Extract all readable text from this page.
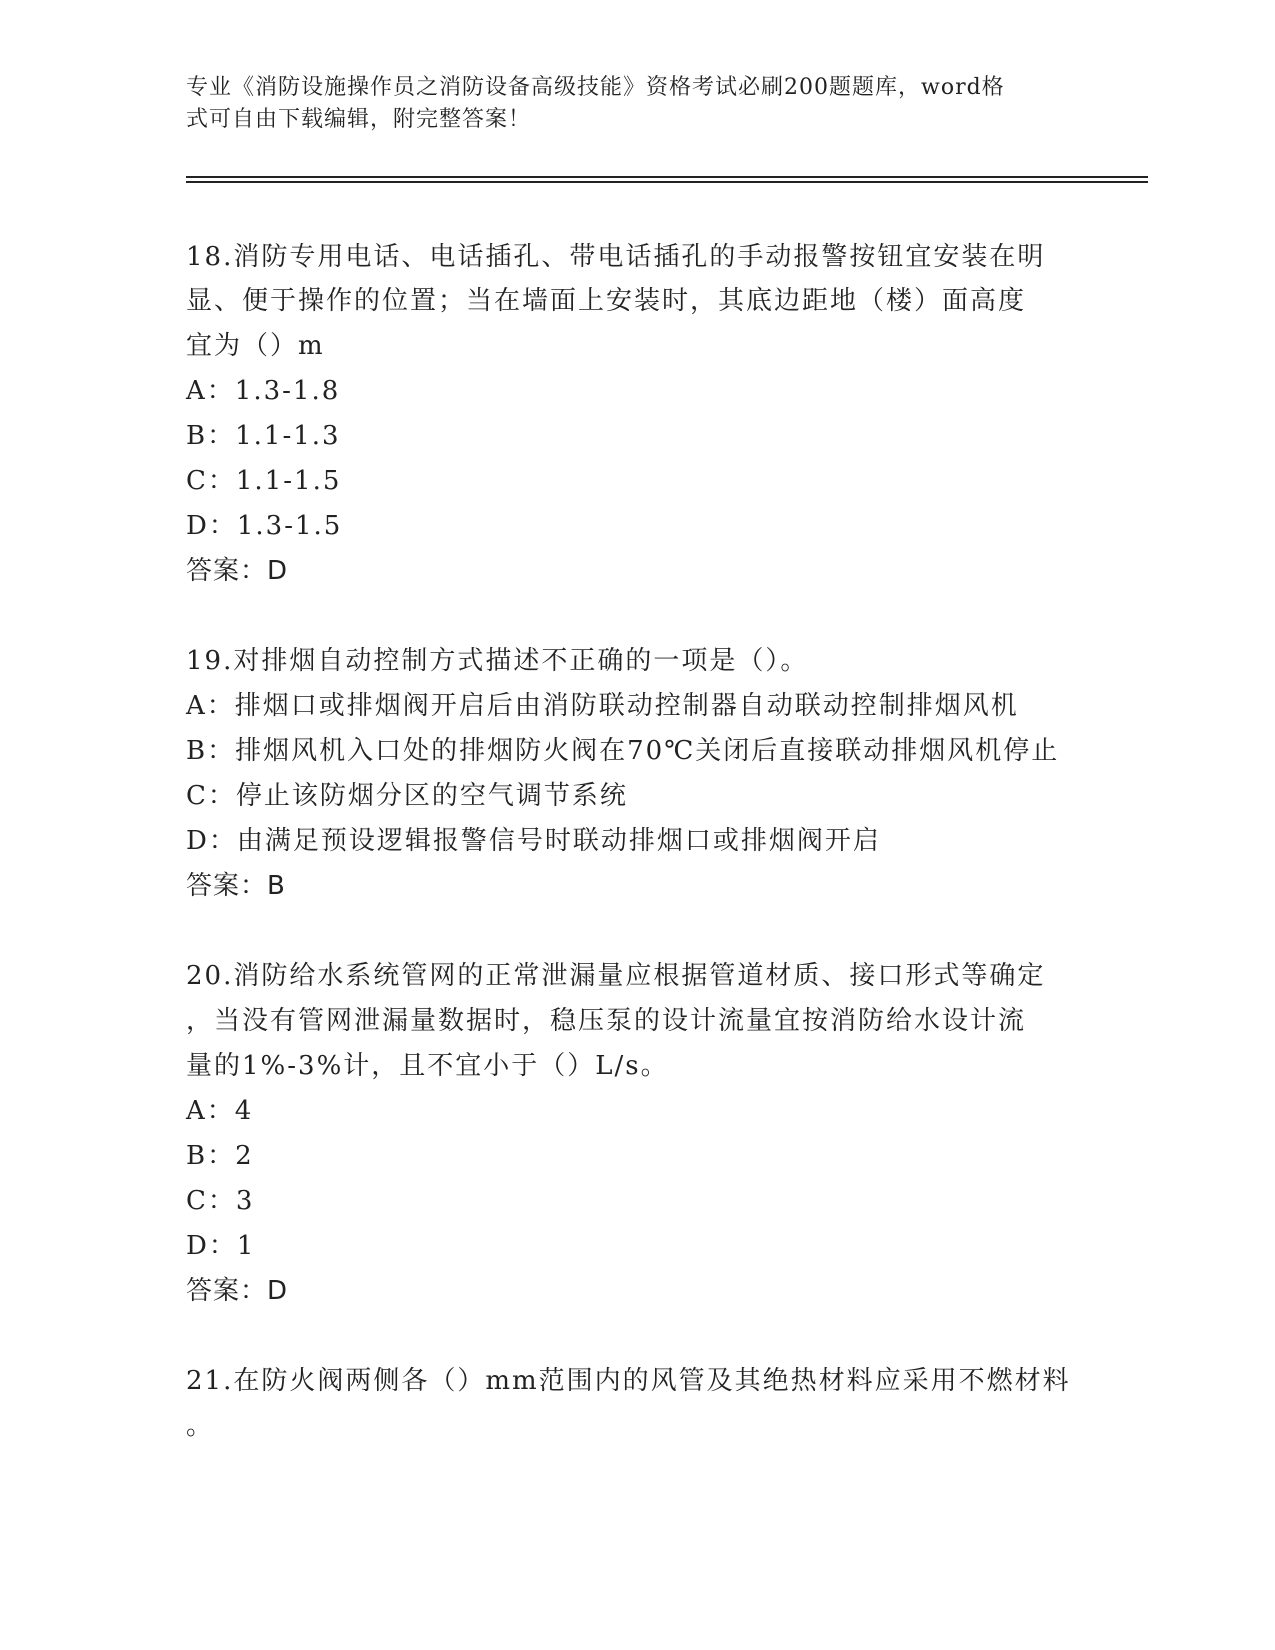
专业《消防设施操作员之消防设备高级技能》资格考试必刷200题题库，word格
式可自由下载编辑，附完整答案！
18.消防专用电话、电话插孔、带电话插孔的手动报警按钮宜安装在明
显、便于操作的位置；当在墙面上安装时，其底边距地（楼）面高度
宜为（）m
A：1.3-1.8
B：1.1-1.3
C：1.1-1.5
D：1.3-1.5
答案：D
19.对排烟自动控制方式描述不正确的一项是（）。
A：排烟口或排烟阀开启后由消防联动控制器自动联动控制排烟风机
B：排烟风机入口处的排烟防火阀在70℃关闭后直接联动排烟风机停止
C：停止该防烟分区的空气调节系统
D：由满足预设逻辑报警信号时联动排烟口或排烟阀开启
答案：B
20.消防给水系统管网的正常泄漏量应根据管道材质、接口形式等确定
，当没有管网泄漏量数据时，稳压泵的设计流量宜按消防给水设计流
量的1%-3%计，且不宜小于（）L/s。
A：4
B：2
C：3
D：1
答案：D
21.在防火阀两侧各（）mm范围内的风管及其绝热材料应采用不燃材料
。
